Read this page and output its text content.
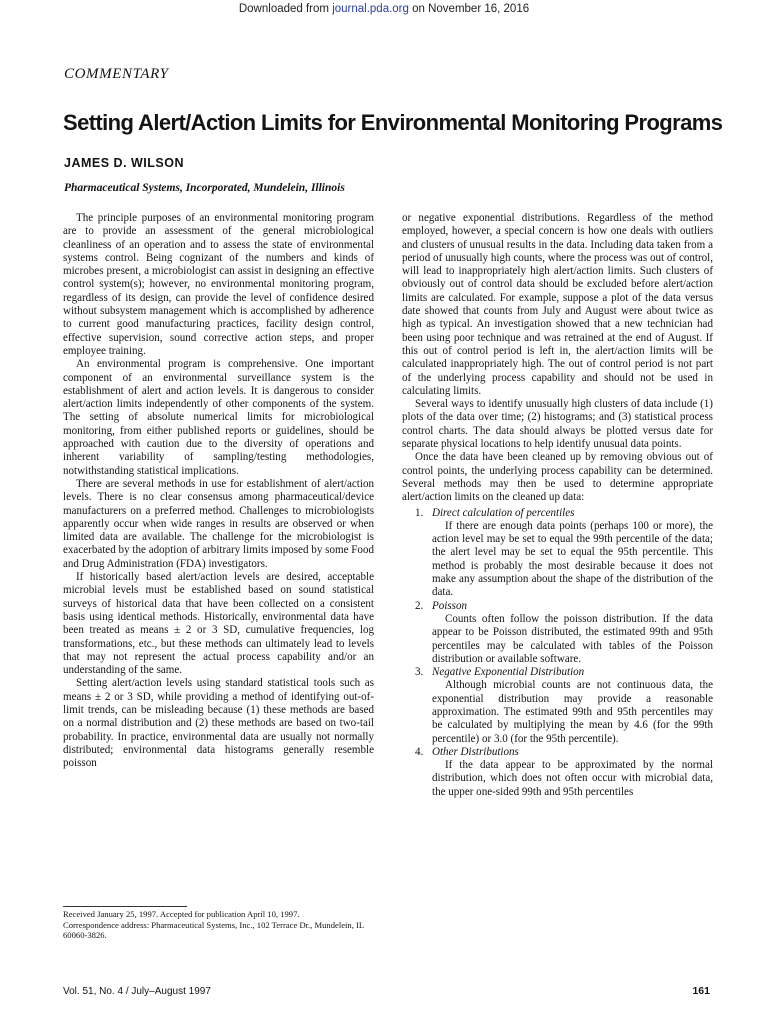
Downloaded from journal.pda.org on November 16, 2016
COMMENTARY
Setting Alert/Action Limits for Environmental Monitoring Programs
JAMES D. WILSON
Pharmaceutical Systems, Incorporated, Mundelein, Illinois

The principle purposes of an environmental monitoring program are to provide an assessment of the general microbiological cleanliness of an operation and to assess the state of environmental systems control. Being cognizant of the numbers and kinds of microbes present, a microbiologist can assist in designing an effective control system(s); however, no environmental monitoring program, regardless of its design, can provide the level of confidence desired without subsystem management which is accomplished by adherence to current good manufacturing practices, facility design control, effective supervision, sound corrective action steps, and proper employee training.

An environmental program is comprehensive. One important component of an environmental surveillance system is the establishment of alert and action levels. It is dangerous to consider alert/action limits independently of other components of the system. The setting of absolute numerical limits for microbiological monitoring, from either published reports or guidelines, should be approached with caution due to the diversity of operations and inherent variability of sampling/testing methodologies, notwithstanding statistical implications.

There are several methods in use for establishment of alert/action levels. There is no clear consensus among pharmaceutical/device manufacturers on a preferred method. Challenges to microbiologists apparently occur when wide ranges in results are observed or when limited data are available. The challenge for the microbiologist is exacerbated by the adoption of arbitrary limits imposed by some Food and Drug Administration (FDA) investigators.

If historically based alert/action levels are desired, acceptable microbial levels must be established based on sound statistical surveys of historical data that have been collected on a consistent basis using identical methods. Historically, environmental data have been treated as means ± 2 or 3 SD, cumulative frequencies, log transformations, etc., but these methods can ultimately lead to levels that may not represent the actual process capability and/or an understanding of the same.

Setting alert/action levels using standard statistical tools such as means ± 2 or 3 SD, while providing a method of identifying out-of-limit trends, can be misleading because (1) these methods are based on a normal distribution and (2) these methods are based on two-tail probability. In practice, environmental data are usually not normally distributed; environmental data histograms generally resemble poisson

or negative exponential distributions. Regardless of the method employed, however, a special concern is how one deals with outliers and clusters of unusual results in the data. Including data taken from a period of unusually high counts, where the process was out of control, will lead to inappropriately high alert/action limits. Such clusters of obviously out of control data should be excluded before alert/action limits are calculated. For example, suppose a plot of the data versus date showed that counts from July and August were about twice as high as typical. An investigation showed that a new technician had been using poor technique and was retrained at the end of August. If this out of control period is left in, the alert/action limits will be calculated inappropriately high. The out of control period is not part of the underlying process capability and should not be used in calculating limits.

Several ways to identify unusually high clusters of data include (1) plots of the data over time; (2) histograms; and (3) statistical process control charts. The data should always be plotted versus date for separate physical locations to help identify unusual data points.

Once the data have been cleaned up by removing obvious out of control points, the underlying process capability can be determined. Several methods may then be used to determine appropriate alert/action limits on the cleaned up data:

1. Direct calculation of percentiles

If there are enough data points (perhaps 100 or more), the action level may be set to equal the 99th percentile of the data; the alert level may be set to equal the 95th percentile. This method is probably the most desirable because it does not make any assumption about the shape of the distribution of the data.

2. Poisson

Counts often follow the poisson distribution. If the data appear to be Poisson distributed, the estimated 99th and 95th percentiles may be calculated with tables of the Poisson distribution or available software.

3. Negative Exponential Distribution

Although microbial counts are not continuous data, the exponential distribution may provide a reasonable approximation. The estimated 99th and 95th percentiles may be calculated by multiplying the mean by 4.6 (for the 99th percentile) or 3.0 (for the 95th percentile).

4. Other Distributions

If the data appear to be approximated by the normal distribution, which does not often occur with microbial data, the upper one-sided 99th and 95th percentiles

Received January 25, 1997. Accepted for publication April 10, 1997.
Correspondence address: Pharmaceutical Systems, Inc., 102 Terrace Dr., Mundelein, IL 60060-3826.
Vol. 51, No. 4 / July–August 1997	161
